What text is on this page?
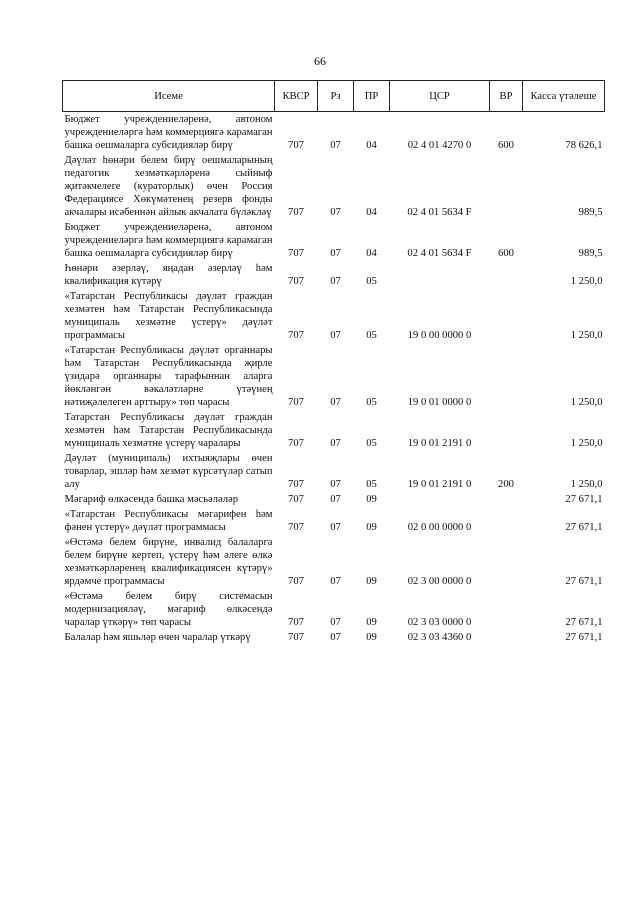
66
Исеме	КВСР	Рз	ПР	ЦСР	ВР	Касса үтәлеше
Бюджет учреждениеләренә, автоном учреждениеләргә һәм коммерциягә карамаган башка оешмаларга субсидияләр бирү	707	07	04	02 4 01 4270 0	600	78 626,1
Дәүләт һөнәри белем бирү оешмаларының педагогик хезмәткәрләренә сыйныф җитәкчелеге (кураторлык) өчен Россия Федерациясе Хөкүмәтенең резерв фонды акчалары исәбеннән айлык акчалата бүләкләү	707	07	04	02 4 01 5634 F		989,5
Бюджет учреждениеләренә, автоном учреждениеләргә һәм коммерциягә карамаган башка оешмаларга субсидияләр бирү	707	07	04	02 4 01 5634 F	600	989,5
Һөнәри әзерләү, яңадан әзерләү һәм квалификация күтәрү	707	07	05			1 250,0
«Татарстан Республикасы дәүләт граждан хезмәтен һәм Татарстан Республикасында муниципаль хезмәтне үстерү» дәүләт программасы	707	07	05	19 0 00 0000 0		1 250,0
«Татарстан Республикасы дәүләт органнары һәм Татарстан Республикасында җирле үзидарә органнары тарафыннан аларга йөкләнгән вәкаләтләрне үтәүнең нәтиҗәлелеген арттыру» төп чарасы	707	07	05	19 0 01 0000 0		1 250,0
Татарстан Республикасы дәүләт граждан хезмәтен һәм Татарстан Республикасында муниципаль хезмәтне үстерү чаралары	707	07	05	19 0 01 2191 0		1 250,0
Дәүләт (муниципаль) ихтыяҗлары өчен товарлар, эшләр һәм хезмәт күрсәтүләр сатып алу	707	07	05	19 0 01 2191 0	200	1 250,0
Мәгариф өлкәсендә башка мәсьәләләр	707	07	09			27 671,1
«Татарстан Республикасы мәгарифен һәм фәнен үстерү» дәүләт программасы	707	07	09	02 0 00 0000 0		27 671,1
«Өстәмә белем бирүне, инвалид балаларга белем бирүне кертеп, үстерү һәм әлеге өлкә хезмәткәрләренең квалификациясен күтәрү» ярдәмче программасы	707	07	09	02 3 00 0000 0		27 671,1
«Өстәмә белем бирү системасын модернизацияләү, мәгариф өлкәсендә чаралар үткәрү» төп чарасы	707	07	09	02 3 03 0000 0		27 671,1
Балалар һәм яшьләр өчен чаралар үткәрү	707	07	09	02 3 03 4360 0		27 671,1
